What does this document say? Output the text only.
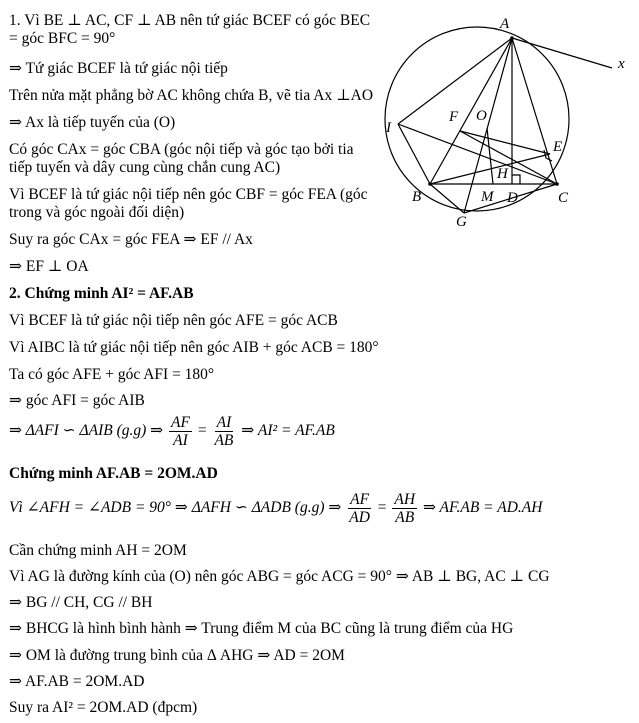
1. Vì BE ⊥ AC, CF ⊥ AB nên tứ giác BCEF có góc BEC
= góc BFC = 90°
⇒ Tứ giác BCEF là tứ giác nội tiếp
Trên nửa mặt phẳng bờ AC không chứa B, vẽ tia Ax ⊥AO
⇒ Ax là tiếp tuyến của (O)
Có góc CAx = góc CBA (góc nội tiếp và góc tạo bởi tia
tiếp tuyến và dây cung cùng chắn cung AC)
Vì BCEF là tứ giác nội tiếp nên góc CBF = góc FEA (góc
trong và góc ngoài đối diện)
Suy ra góc CAx = góc FEA ⇒ EF // Ax
⇒ EF ⊥ OA
2. Chứng minh AI² = AF.AB
Vì BCEF là tứ giác nội tiếp nên góc AFE = góc ACB
Vì AIBC là tứ giác nội tiếp nên góc AIB + góc ACB = 180°
Ta có góc AFE + góc AFI = 180°
⇒ góc AFI = góc AIB
⇒ ΔAFI ∽ ΔAIB (g.g) ⇒ $\frac{AF}{AI} = \frac{AI}{AB}$ ⇒ AI² = AF.AB
Chứng minh AF.AB = 2OM.AD
Vì ∠AFH = ∠ADB = 90° ⇒ ΔAFH ∽ ΔADB (g.g) ⇒ $\frac{AF}{AD} = \frac{AH}{AB}$ ⇒ AF.AB = AD.AH
Cần chứng minh AH = 2OM
Vì AG là đường kính của (O) nên góc ABG = góc ACG = 90° ⇒ AB ⊥ BG, AC ⊥ CG
⇒ BG // CH, CG // BH
⇒ BHCG là hình bình hành ⇒ Trung điểm M của BC cũng là trung điểm của HG
⇒ OM là đường trung bình của Δ AHG ⇒ AD = 2OM
⇒ AF.AB = 2OM.AD
Suy ra AI² = 2OM.AD (đpcm)
A
x
I
F O
E
H
B	M D	C
G
